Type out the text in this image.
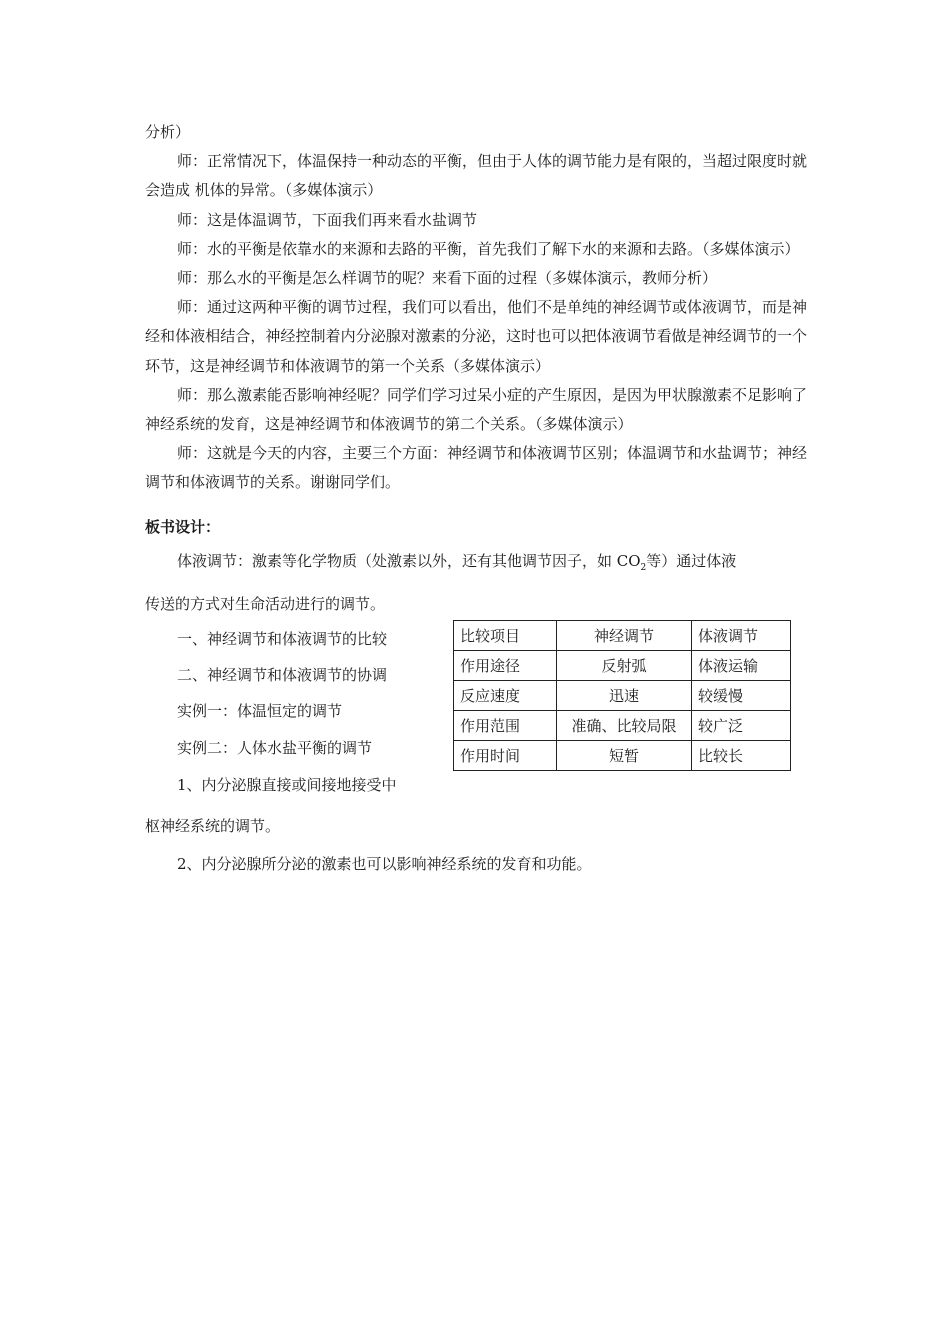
分析）

师：正常情况下，体温保持一种动态的平衡，但由于人体的调节能力是有限的，当超过限度时就会造成 机体的异常。（多媒体演示）

师：这是体温调节，下面我们再来看水盐调节

师：水的平衡是依靠水的来源和去路的平衡，首先我们了解下水的来源和去路。（多媒体演示）

师：那么水的平衡是怎么样调节的呢？来看下面的过程（多媒体演示，教师分析）

师：通过这两种平衡的调节过程，我们可以看出，他们不是单纯的神经调节或体液调节，而是神经和体液相结合，神经控制着内分泌腺对激素的分泌，这时也可以把体液调节看做是神经调节的一个环节，这是神经调节和体液调节的第一个关系（多媒体演示）

师：那么激素能否影响神经呢？同学们学习过呆小症的产生原因，是因为甲状腺激素不足影响了神经系统的发育，这是神经调节和体液调节的第二个关系。（多媒体演示）

师：这就是今天的内容，主要三个方面：神经调节和体液调节区别；体温调节和水盐调节；神经调节和体液调节的关系。谢谢同学们。

板书设计：
体液调节：激素等化学物质（处激素以外，还有其他调节因子，如 $CO_2$等）通过体液
传送的方式对生命活动进行的调节。
一、神经调节和体液调节的比较
二、神经调节和体液调节的协调
实例一：体温恒定的调节
实例二：人体水盐平衡的调节
1、内分泌腺直接或间接地接受中
枢神经系统的调节。
2、内分泌腺所分泌的激素也可以影响神经系统的发育和功能。
比较项目	神经调节	体液调节
作用途径	反射弧	体液运输
反应速度	迅速	较缓慢
作用范围	准确、比较局限	较广泛
作用时间	短暂	比较长
